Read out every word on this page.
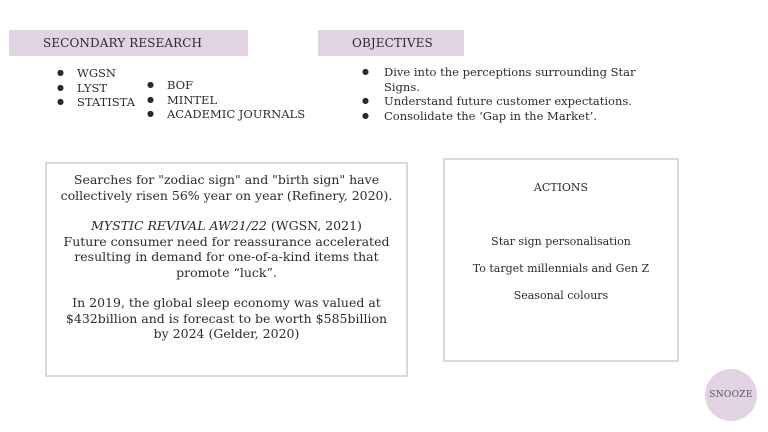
SECONDARY RESEARCH	OBJECTIVES
● WGSN
● LYST
● STATISTA
● BOF
● MINTEL
● ACADEMIC JOURNALS
● Dive into the perceptions surrounding Star Signs.
● Understand future customer expectations.
● Consolidate the ‘Gap in the Market’.

Searches for "zodiac sign" and "birth sign" have collectively risen 56% year on year (Refinery, 2020).

MYSTIC REVIVAL AW21/22 (WGSN, 2021)
Future consumer need for reassurance accelerated resulting in demand for one-of-a-kind items that promote “luck”.

In 2019, the global sleep economy was valued at $432billion and is forecast to be worth $585billion by 2024 (Gelder, 2020)

ACTIONS
Star sign personalisation
To target millennials and Gen Z
Seasonal colours
SNOOZE
